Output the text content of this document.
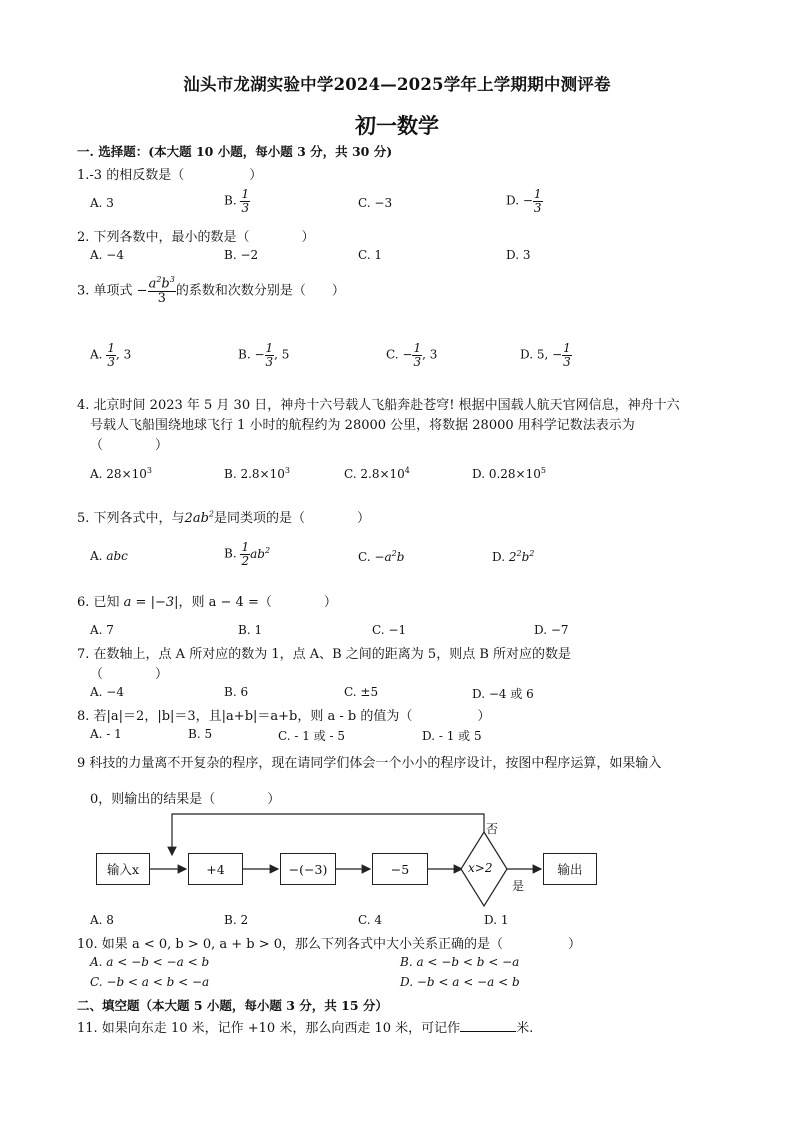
汕头市龙湖实验中学2024—2025学年上学期期中测评卷
初一数学
一. 选择题：(本大题 10 小题，每小题 3 分，共 30 分)
1.-3 的相反数是（　　　　　）
A. 3	B. $\frac{1}{3}$	C. −3	D. − $\frac{1}{3}$
2. 下列各数中，最小的数是（　　　　）
A. −4	B. −2	C. 1	D. 3
3. 单项式 − $\frac{a^2b^3}{3}$ 的系数和次数分别是（　　）
A. $\frac{1}{3}$ , 3	B. − $\frac{1}{3}$ , 5	C. − $\frac{1}{3}$ , 3	D. 5, − $\frac{1}{3}$
4. 北京时间 2023 年 5 月 30 日，神舟十六号载人飞船奔赴苍穹! 根据中国载人航天官网信息，神舟十六
号载人飞船围绕地球飞行 1 小时的航程约为 28000 公里，将数据 28000 用科学记数法表示为
（　　　　）
A. $28\times 10^3$	B. $2.8\times 10^3$	C. $2.8\times 10^4$	D. $0.28\times 10^5$
5. 下列各式中，与$2ab^2$是同类项的是（　　　　）
A. abc	B. $\frac{1}{2} ab^2$	C. $-a^2b$	D. $2^2b^2$
6. 已知 a = |−3|，则 a − 4 =（　　　　）
A. 7	B. 1	C. −1	D. −7
7. 在数轴上，点 A 所对应的数为 1，点 A、B 之间的距离为 5，则点 B 所对应的数是
（　　　　）
A. −4	B. 6	C. ±5	D. −4 或 6
8. 若|a|＝2，|b|＝3，且|a+b|＝a+b，则 a - b 的值为（　　　　　）
A. - 1	B. 5	C. - 1 或 - 5	D. - 1 或 5
9 科技的力量离不开复杂的程序，现在请同学们体会一个小小的程序设计，按图中程序运算，如果输入
0，则输出的结果是（　　　　）
输入x	+4	−(−3)	−5	x>2	输出
否
是
A. 8	B. 2	C. 4	D. 1
10. 如果 a < 0, b > 0, a + b > 0，那么下列各式中大小关系正确的是（　　　　　）
A. a < −b < −a < b	B. a < −b < b < −a
C. −b < a < b < −a	D. −b < a < −a < b
二、填空题（本大题 5 小题，每小题 3 分，共 15 分）
11. 如果向东走 10 米，记作 +10 米，那么向西走 10 米，可记作	米.
